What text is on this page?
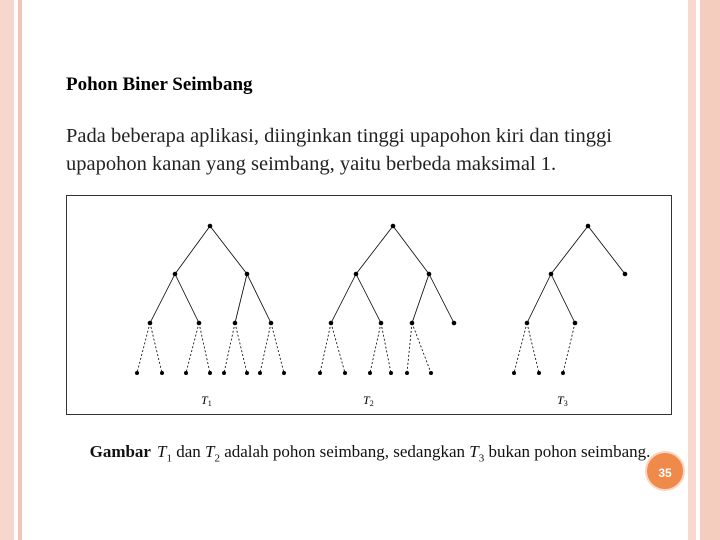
Pohon Biner Seimbang
Pada beberapa aplikasi, diinginkan tinggi upapohon kiri dan tinggi upapohon kanan yang seimbang, yaitu berbeda maksimal 1.
T1	T2	T3
Gambar $T_1$ dan $T_2$ adalah pohon seimbang, sedangkan $T_3$ bukan pohon seimbang.
35
